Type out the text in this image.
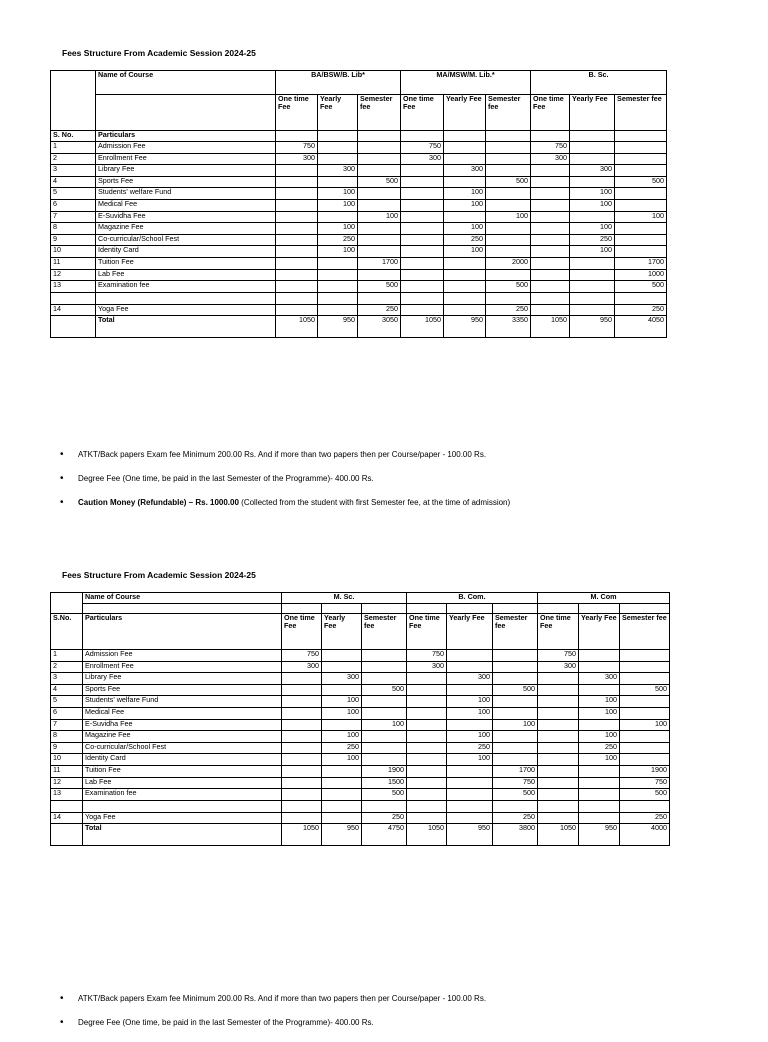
Fees Structure From Academic Session 2024-25
	Name of Course	BA/BSW/B. Lib*			MA/MSW/M. Lib.*			B. Sc.		
		One time Fee	Yearly Fee	Semester fee	One time Fee	Yearly Fee	Semester fee	One time Fee	Yearly Fee	Semester fee
S. No.	Particulars									
1	Admission Fee	750			750			750		
2	Enrollment Fee	300			300			300		
3	Library Fee		300			300			300	
4	Sports Fee			500			500			500
5	Students' welfare Fund		100			100			100	
6	Medical Fee		100			100			100	
7	E-Suvidha Fee			100			100			100
8	Magazine Fee		100			100			100	
9	Co-curricular/School Fest		250			250			250	
10	Identity Card		100			100			100	
11	Tuition Fee			1700			2000			1700
12	Lab Fee									1000
13	Examination fee			500			500			500

14	Yoga Fee			250			250			250
	Total	1050	950	3050	1050	950	3350	1050	950	4050
• ATKT/Back papers Exam fee Minimum 200.00 Rs. And if more than two papers then per Course/paper - 100.00 Rs.
• Degree Fee (One time, be paid in the last Semester of the Programme)- 400.00 Rs.
• Caution Money (Refundable) – Rs. 1000.00 (Collected from the student with first Semester fee, at the time of admission)
Fees Structure From Academic Session 2024-25
	Name of Course	M. Sc.			B. Com.			M. Com		

S.No.	Particulars	One time Fee	Yearly Fee	Semester fee	One time Fee	Yearly Fee	Semester fee	One time Fee	Yearly Fee	Semester fee
1	Admission Fee	750			750			750		
2	Enrollment Fee	300			300			300		
3	Library Fee		300			300			300	
4	Sports Fee			500			500			500
5	Students' welfare Fund		100			100			100	
6	Medical Fee		100			100			100	
7	E-Suvidha Fee			100			100			100
8	Magazine Fee		100			100			100	
9	Co-curricular/School Fest		250			250			250	
10	Identity Card		100			100			100	
11	Tuition Fee			1900			1700			1900
12	Lab Fee			1500			750			750
13	Examination fee			500			500			500

14	Yoga Fee			250			250			250
	Total	1050	950	4750	1050	950	3800	1050	950	4000
• ATKT/Back papers Exam fee Minimum 200.00 Rs. And if more than two papers then per Course/paper - 100.00 Rs.
• Degree Fee (One time, be paid in the last Semester of the Programme)- 400.00 Rs.
